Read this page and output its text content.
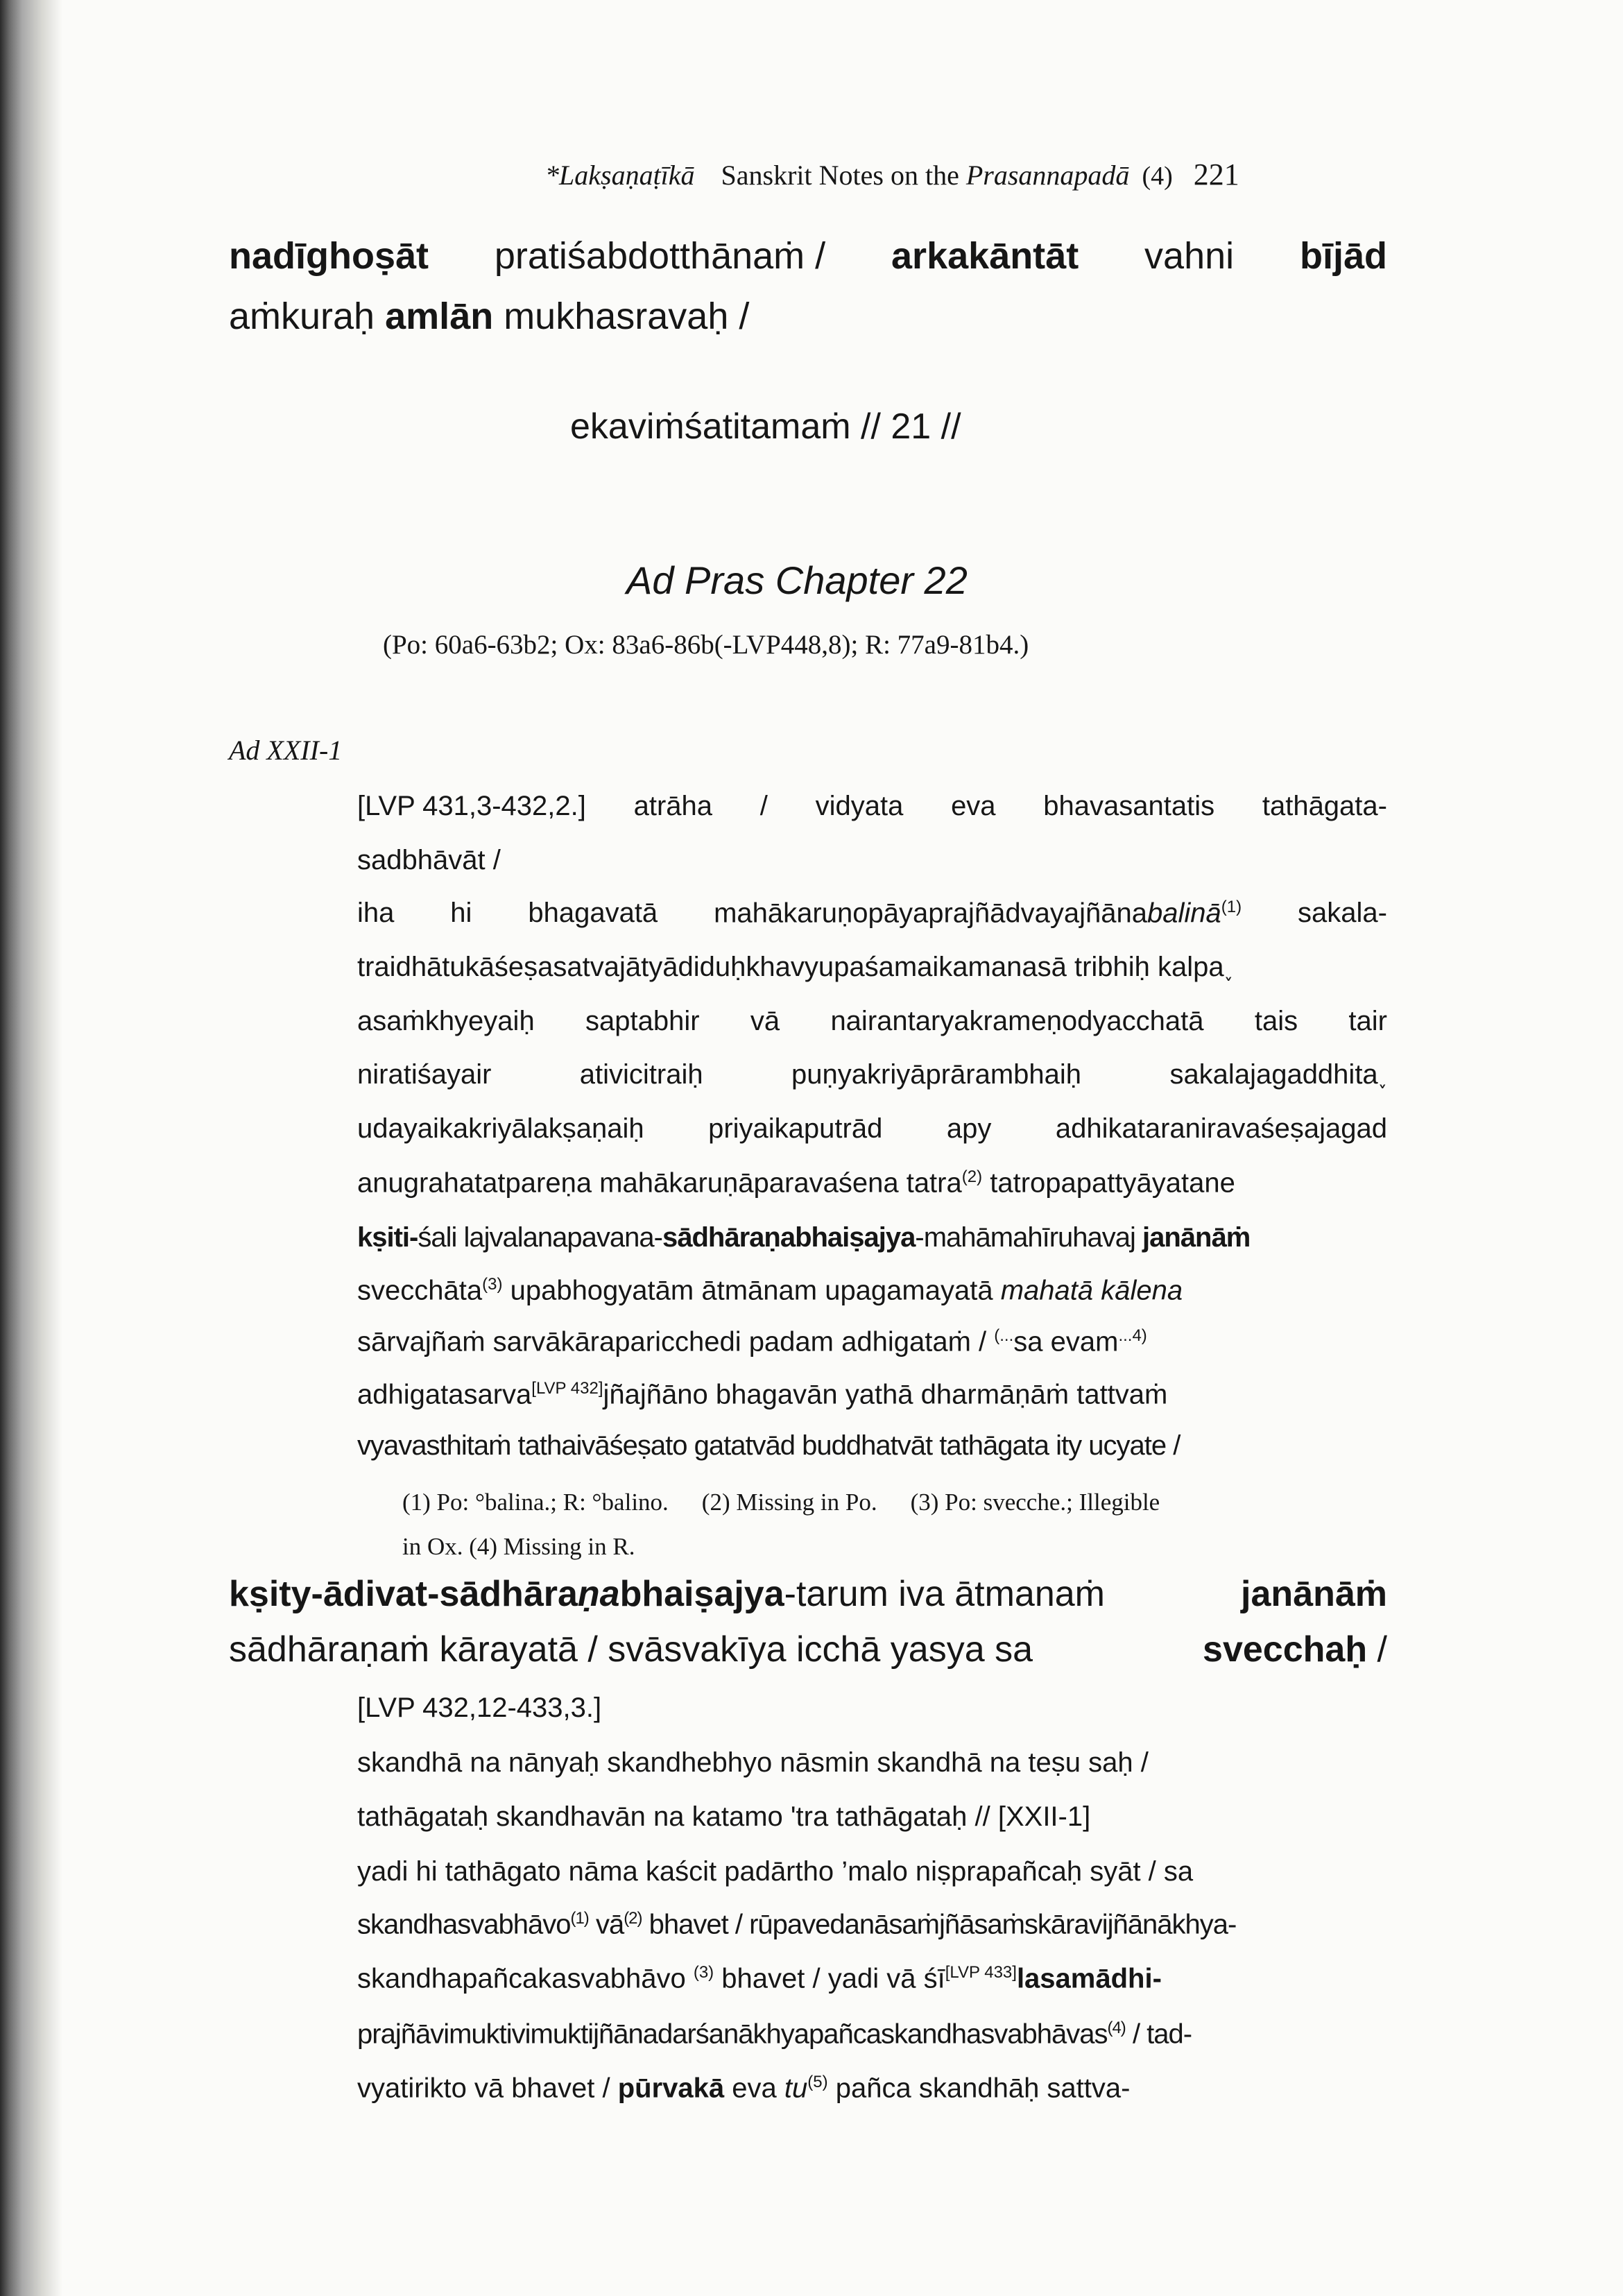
*Lakṣaṇaṭīkā Sanskrit Notes on the Prasannapadā (4) 221
nadīghoṣāt pratiśabdotthānaṁ / arkakāntāt vahni bījād
aṁkuraḥ amlān mukhasravaḥ /
ekaviṁśatitamaṁ // 21 //
Ad Pras Chapter 22
(Po: 60a6-63b2; Ox: 83a6-86b(-LVP448,8); R: 77a9-81b4.)
Ad XXII-1
[LVP 431,3-432,2.] atrāha / vidyata eva bhavasantatis tathāgata-
sadbhāvāt /
iha hi bhagavatā mahākaruṇopāyaprajñādvayajñānabalinā$^{(1)}$ sakala-
traidhātukāśeṣasatvajātyādiduḥkhavyupaśamaikamanasā tribhiḥ kalpa˯
asaṁkhyeyaiḥ saptabhir vā nairantaryakrameṇodyacchatā tais tair
niratiśayair	ativicitraiḥ	puṇyakriyāprārambhaiḥ	sakalajagaddhita˯
udayaikakriyālakṣaṇaiḥ priyaikaputrād apy adhikataraniravaśeṣajagad
anugrahatatpareṇa mahākaruṇāparavaśena tatra$^{(2)}$ tatropapattyāyatane
kṣiti-śali lajvalanapavana-sādhāraṇabhaiṣajya-mahāmahīruhavaj janānāṁ
svecchāta$^{(3)}$ upabhogyatām ātmānam upagamayatā mahatā kālena
sārvajñaṁ sarvākāraparicchedi padam adhigataṁ / (...sa evam$^{...4)}$
adhigatasarva[LVP 432]jñajñāno bhagavān yathā dharmāṇāṁ tattvaṁ
vyavasthitaṁ tathaivāśeṣato gatatvād buddhatvāt tathāgata ity ucyate /
(1) Po: °balina.; R: °balino. (2) Missing in Po. (3) Po: svecche.; Illegible
in Ox. (4) Missing in R.
kṣity-ādivat-sādhāraṇabhaiṣajya-tarum iva ātmanaṁ	janānāṁ
sādhāraṇaṁ kārayatā / svāsvakīya icchā yasya sa	svecchaḥ /
[LVP 432,12-433,3.]
skandhā na nānyaḥ skandhebhyo nāsmin skandhā na teṣu saḥ /
tathāgataḥ skandhavān na katamo 'tra tathāgataḥ // [XXII-1]
yadi hi tathāgato nāma kaścit padārtho ’malo niṣprapañcaḥ syāt / sa
skandhasvabhāvo$^{(1)}$ $vā^{(2)}$ bhavet / rūpavedanāsaṁjñāsaṁskāravijñānākhya-
skandhapañcakasvabhāvo $^{(3)}$ bhavet / yadi vā śī[LVP 433]lasamādhi-
prajñāvimuktivimuktijñānadarśanākhyapañcaskandhasvabhāvas$^{(4)}$ / tad-
vyatirikto vā bhavet / pūrvakā eva $tu^{(5)}$ pañca skandhāḥ sattva-
